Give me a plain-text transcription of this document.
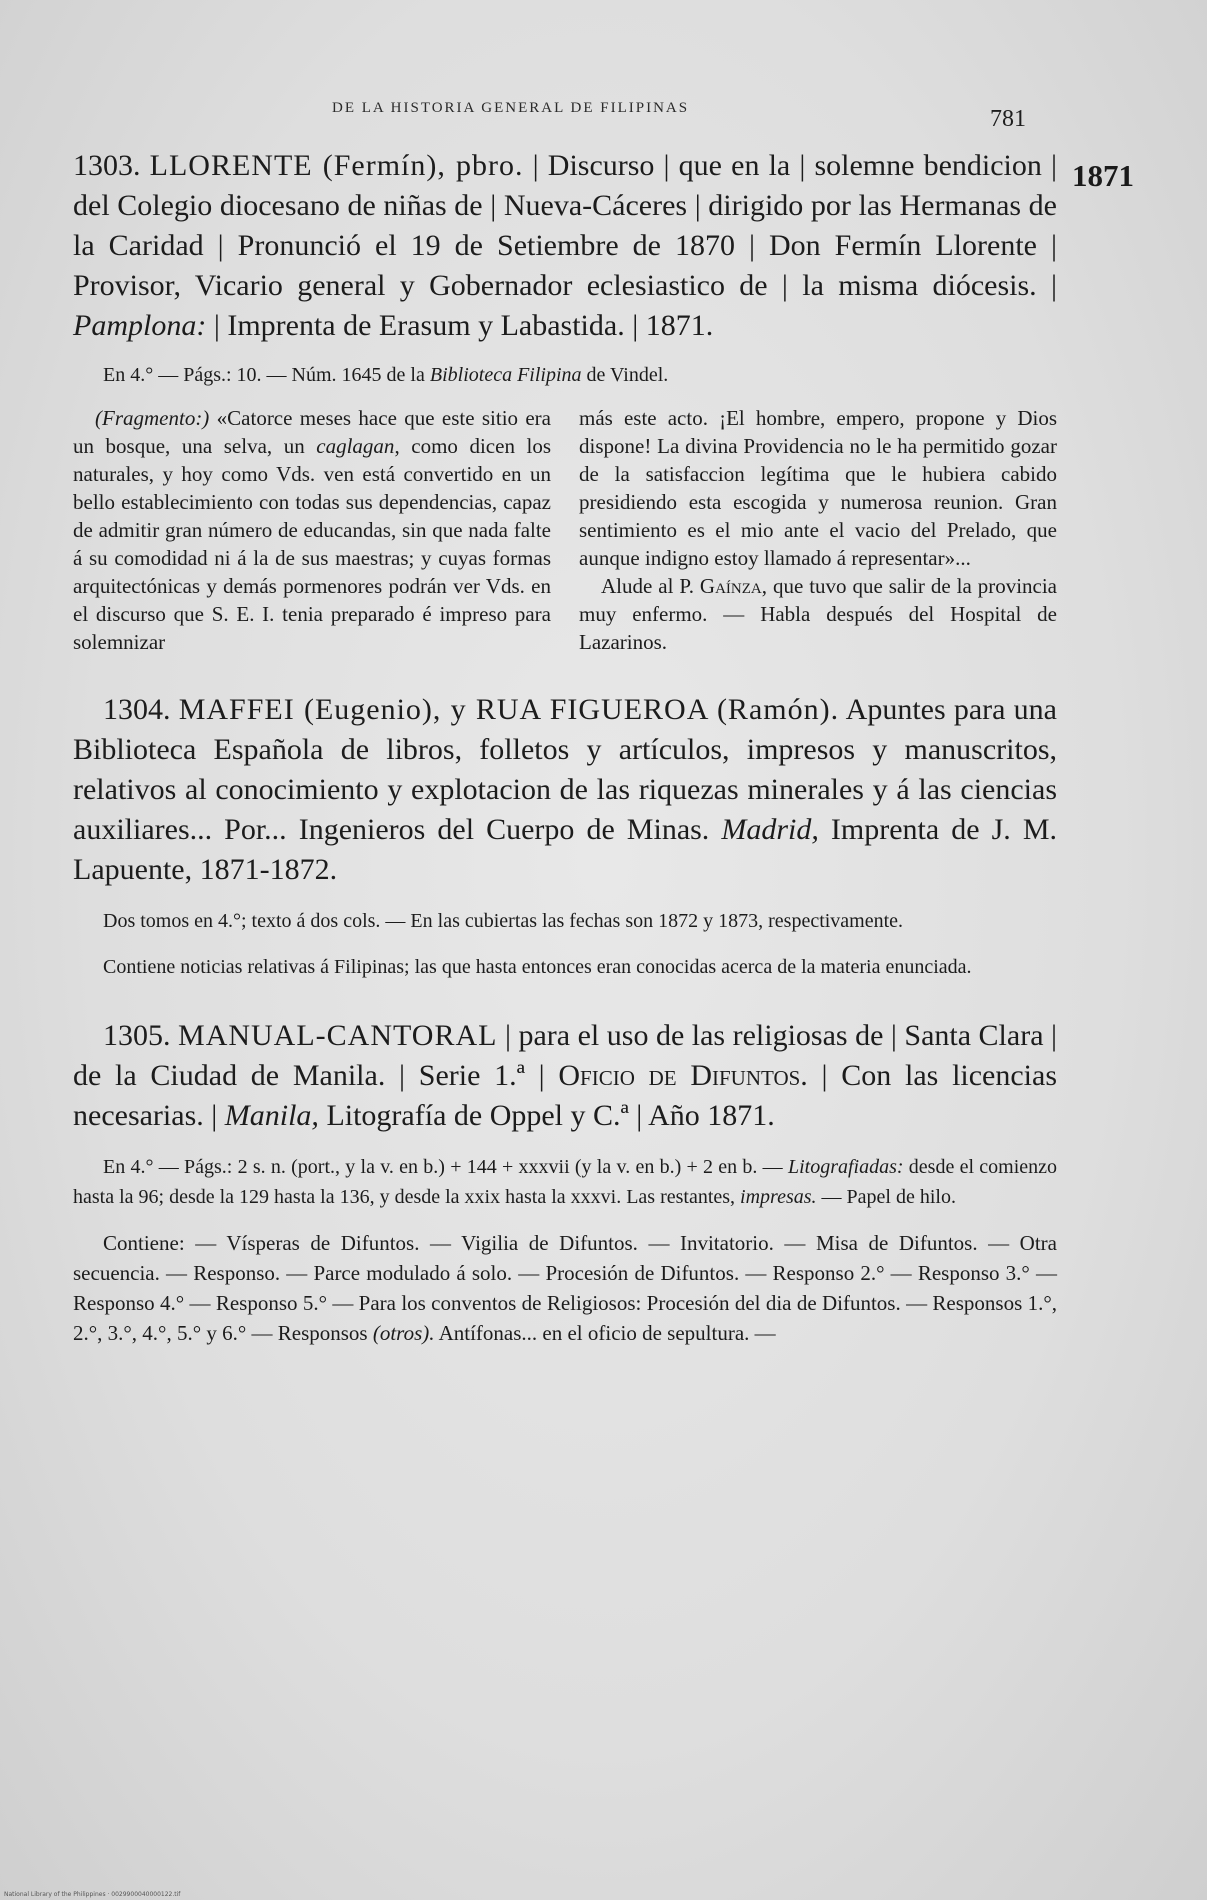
DE LA HISTORIA GENERAL DE FILIPINAS	781
1871

1303. LLORENTE (Fermín), pbro. | Discurso | que en la | solemne bendicion | del Colegio diocesano de niñas de | Nueva-Cáceres | dirigido por las Hermanas de la Caridad | Pronunció el 19 de Setiembre de 1870 | Don Fermín Llorente | Provisor, Vicario general y Gobernador eclesiastico de | la misma diócesis. | Pamplona: | Imprenta de Erasum y Labastida. | 1871.

En 4.° — Págs.: 10. — Núm. 1645 de la Biblioteca Filipina de Vindel.

(Fragmento:) «Catorce meses hace que este sitio era un bosque, una selva, un caglagan, como dicen los naturales, y hoy como Vds. ven está convertido en un bello establecimiento con todas sus dependencias, capaz de admitir gran número de educandas, sin que nada falte á su comodidad ni á la de sus maestras; y cuyas formas arquitectónicas y demás pormenores podrán ver Vds. en el discurso que S. E. I. tenia preparado é impreso para solemnizar

más este acto. ¡El hombre, empero, propone y Dios dispone! La divina Providencia no le ha permitido gozar de la satisfaccion legítima que le hubiera cabido presidiendo esta escogida y numerosa reunion. Gran sentimiento es el mio ante el vacio del Prelado, que aunque indigno estoy llamado á representar»...

Alude al P. Gaínza, que tuvo que salir de la provincia muy enfermo. — Habla después del Hospital de Lazarinos.

1304. MAFFEI (Eugenio), y RUA FIGUEROA (Ramón). Apuntes para una Biblioteca Española de libros, folletos y artículos, impresos y manuscritos, relativos al conocimiento y explotacion de las riquezas minerales y á las ciencias auxiliares... Por... Ingenieros del Cuerpo de Minas. Madrid, Imprenta de J. M. Lapuente, 1871-1872.

Dos tomos en 4.°; texto á dos cols. — En las cubiertas las fechas son 1872 y 1873, respectivamente.

Contiene noticias relativas á Filipinas; las que hasta entonces eran conocidas acerca de la materia enunciada.

1305. MANUAL-CANTORAL | para el uso de las religiosas de | Santa Clara | de la Ciudad de Manila. | Serie 1.ª | Oficio de Difuntos. | Con las licencias necesarias. | Manila, Litografía de Oppel y C.ª | Año 1871.

En 4.° — Págs.: 2 s. n. (port., y la v. en b.) + 144 + xxxvii (y la v. en b.) + 2 en b. — Litografiadas: desde el comienzo hasta la 96; desde la 129 hasta la 136, y desde la xxix hasta la xxxvi. Las restantes, impresas. — Papel de hilo.

Contiene: — Vísperas de Difuntos. — Vigilia de Difuntos. — Invitatorio. — Misa de Difuntos. — Otra secuencia. — Responso. — Parce modulado á solo. — Procesión de Difuntos. — Responso 2.° — Responso 3.° — Responso 4.° — Responso 5.° — Para los conventos de Religiosos: Procesión del dia de Difuntos. — Responsos 1.°, 2.°, 3.°, 4.°, 5.° y 6.° — Responsos (otros). Antífonas... en el oficio de sepultura. —

National Library of the Philippines · 0029900040000122.tif
